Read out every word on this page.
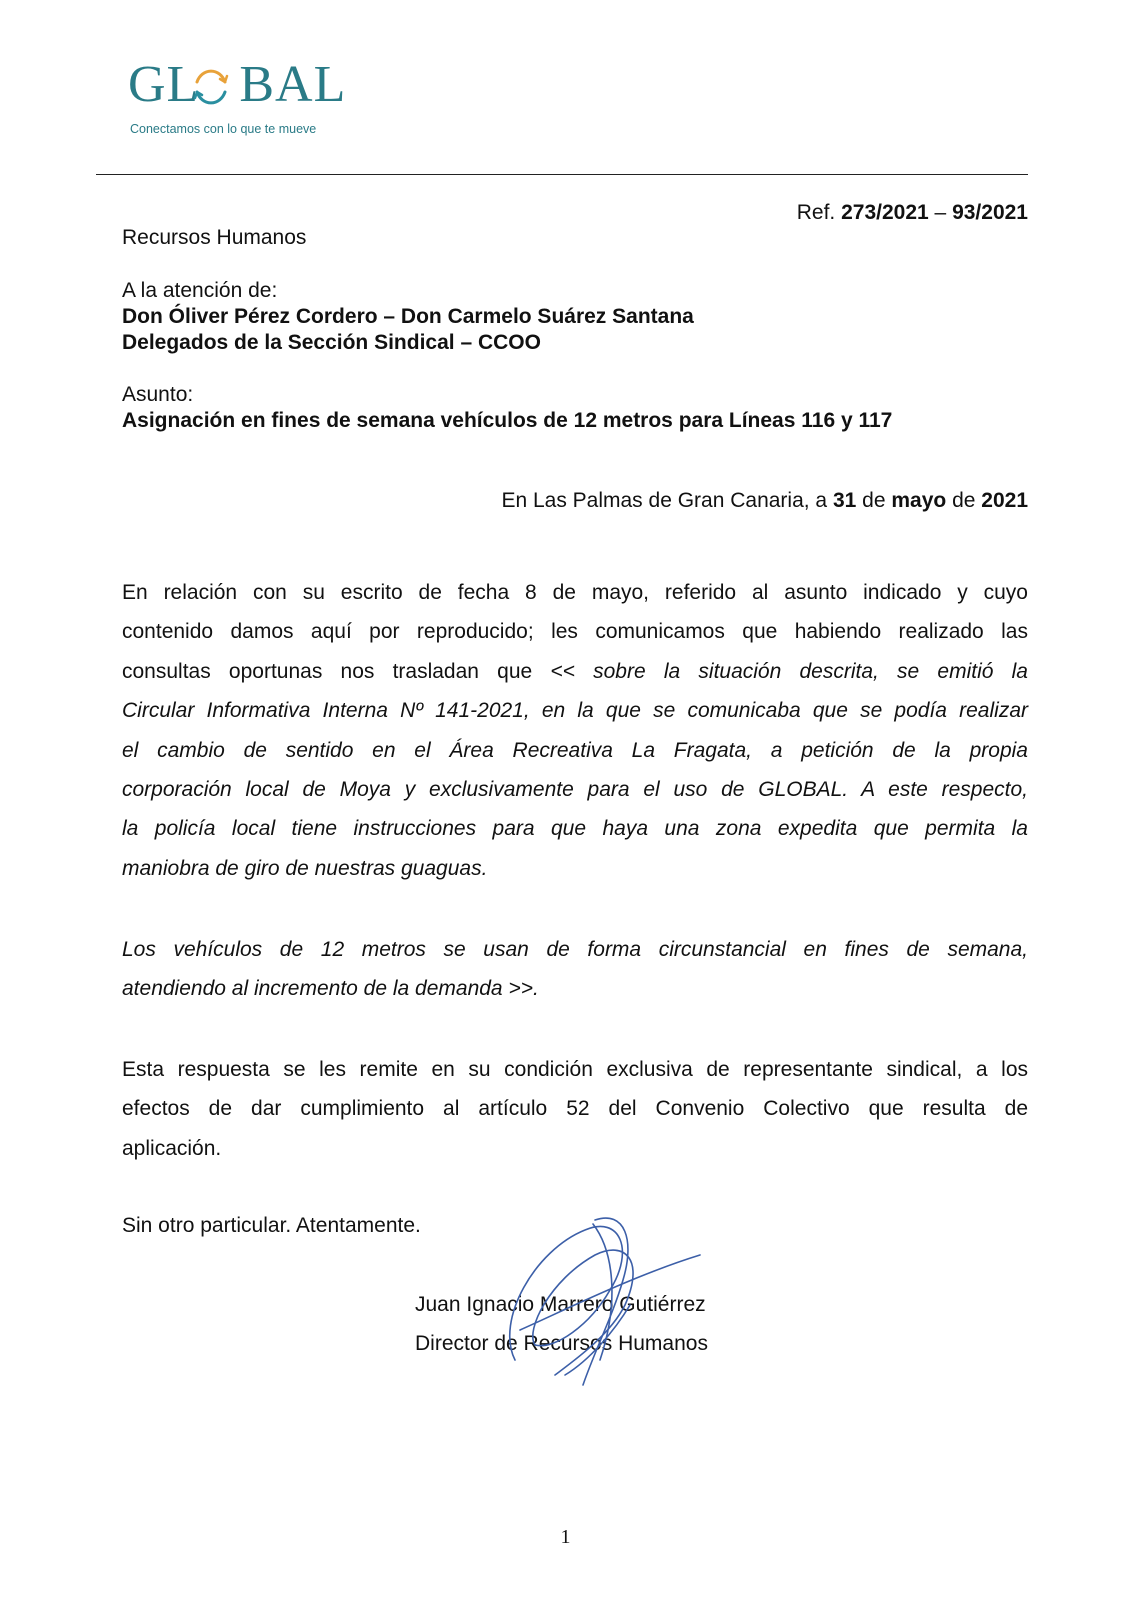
GL BAL
Conectamos con lo que te mueve
Ref. 273/2021 – 93/2021
Recursos Humanos
A la atención de:
Don Óliver Pérez Cordero – Don Carmelo Suárez Santana
Delegados de la Sección Sindical – CCOO
Asunto:
Asignación en fines de semana vehículos de 12 metros para Líneas 116 y 117
En Las Palmas de Gran Canaria, a 31 de mayo de 2021
En relación con su escrito de fecha 8 de mayo, referido al asunto indicado y cuyo
contenido damos aquí por reproducido; les comunicamos que habiendo realizado las
consultas oportunas nos trasladan que << sobre la situación descrita, se emitió la
Circular Informativa Interna Nº 141-2021, en la que se comunicaba que se podía realizar
el cambio de sentido en el Área Recreativa La Fragata, a petición de la propia
corporación local de Moya y exclusivamente para el uso de GLOBAL. A este respecto,
la policía local tiene instrucciones para que haya una zona expedita que permita la
maniobra de giro de nuestras guaguas.
Los vehículos de 12 metros se usan de forma circunstancial en fines de semana,
atendiendo al incremento de la demanda >>.
Esta respuesta se les remite en su condición exclusiva de representante sindical, a los
efectos de dar cumplimiento al artículo 52 del Convenio Colectivo que resulta de
aplicación.
Sin otro particular. Atentamente.
Juan Ignacio Marrero Gutiérrez
Director de Recursos Humanos
1
